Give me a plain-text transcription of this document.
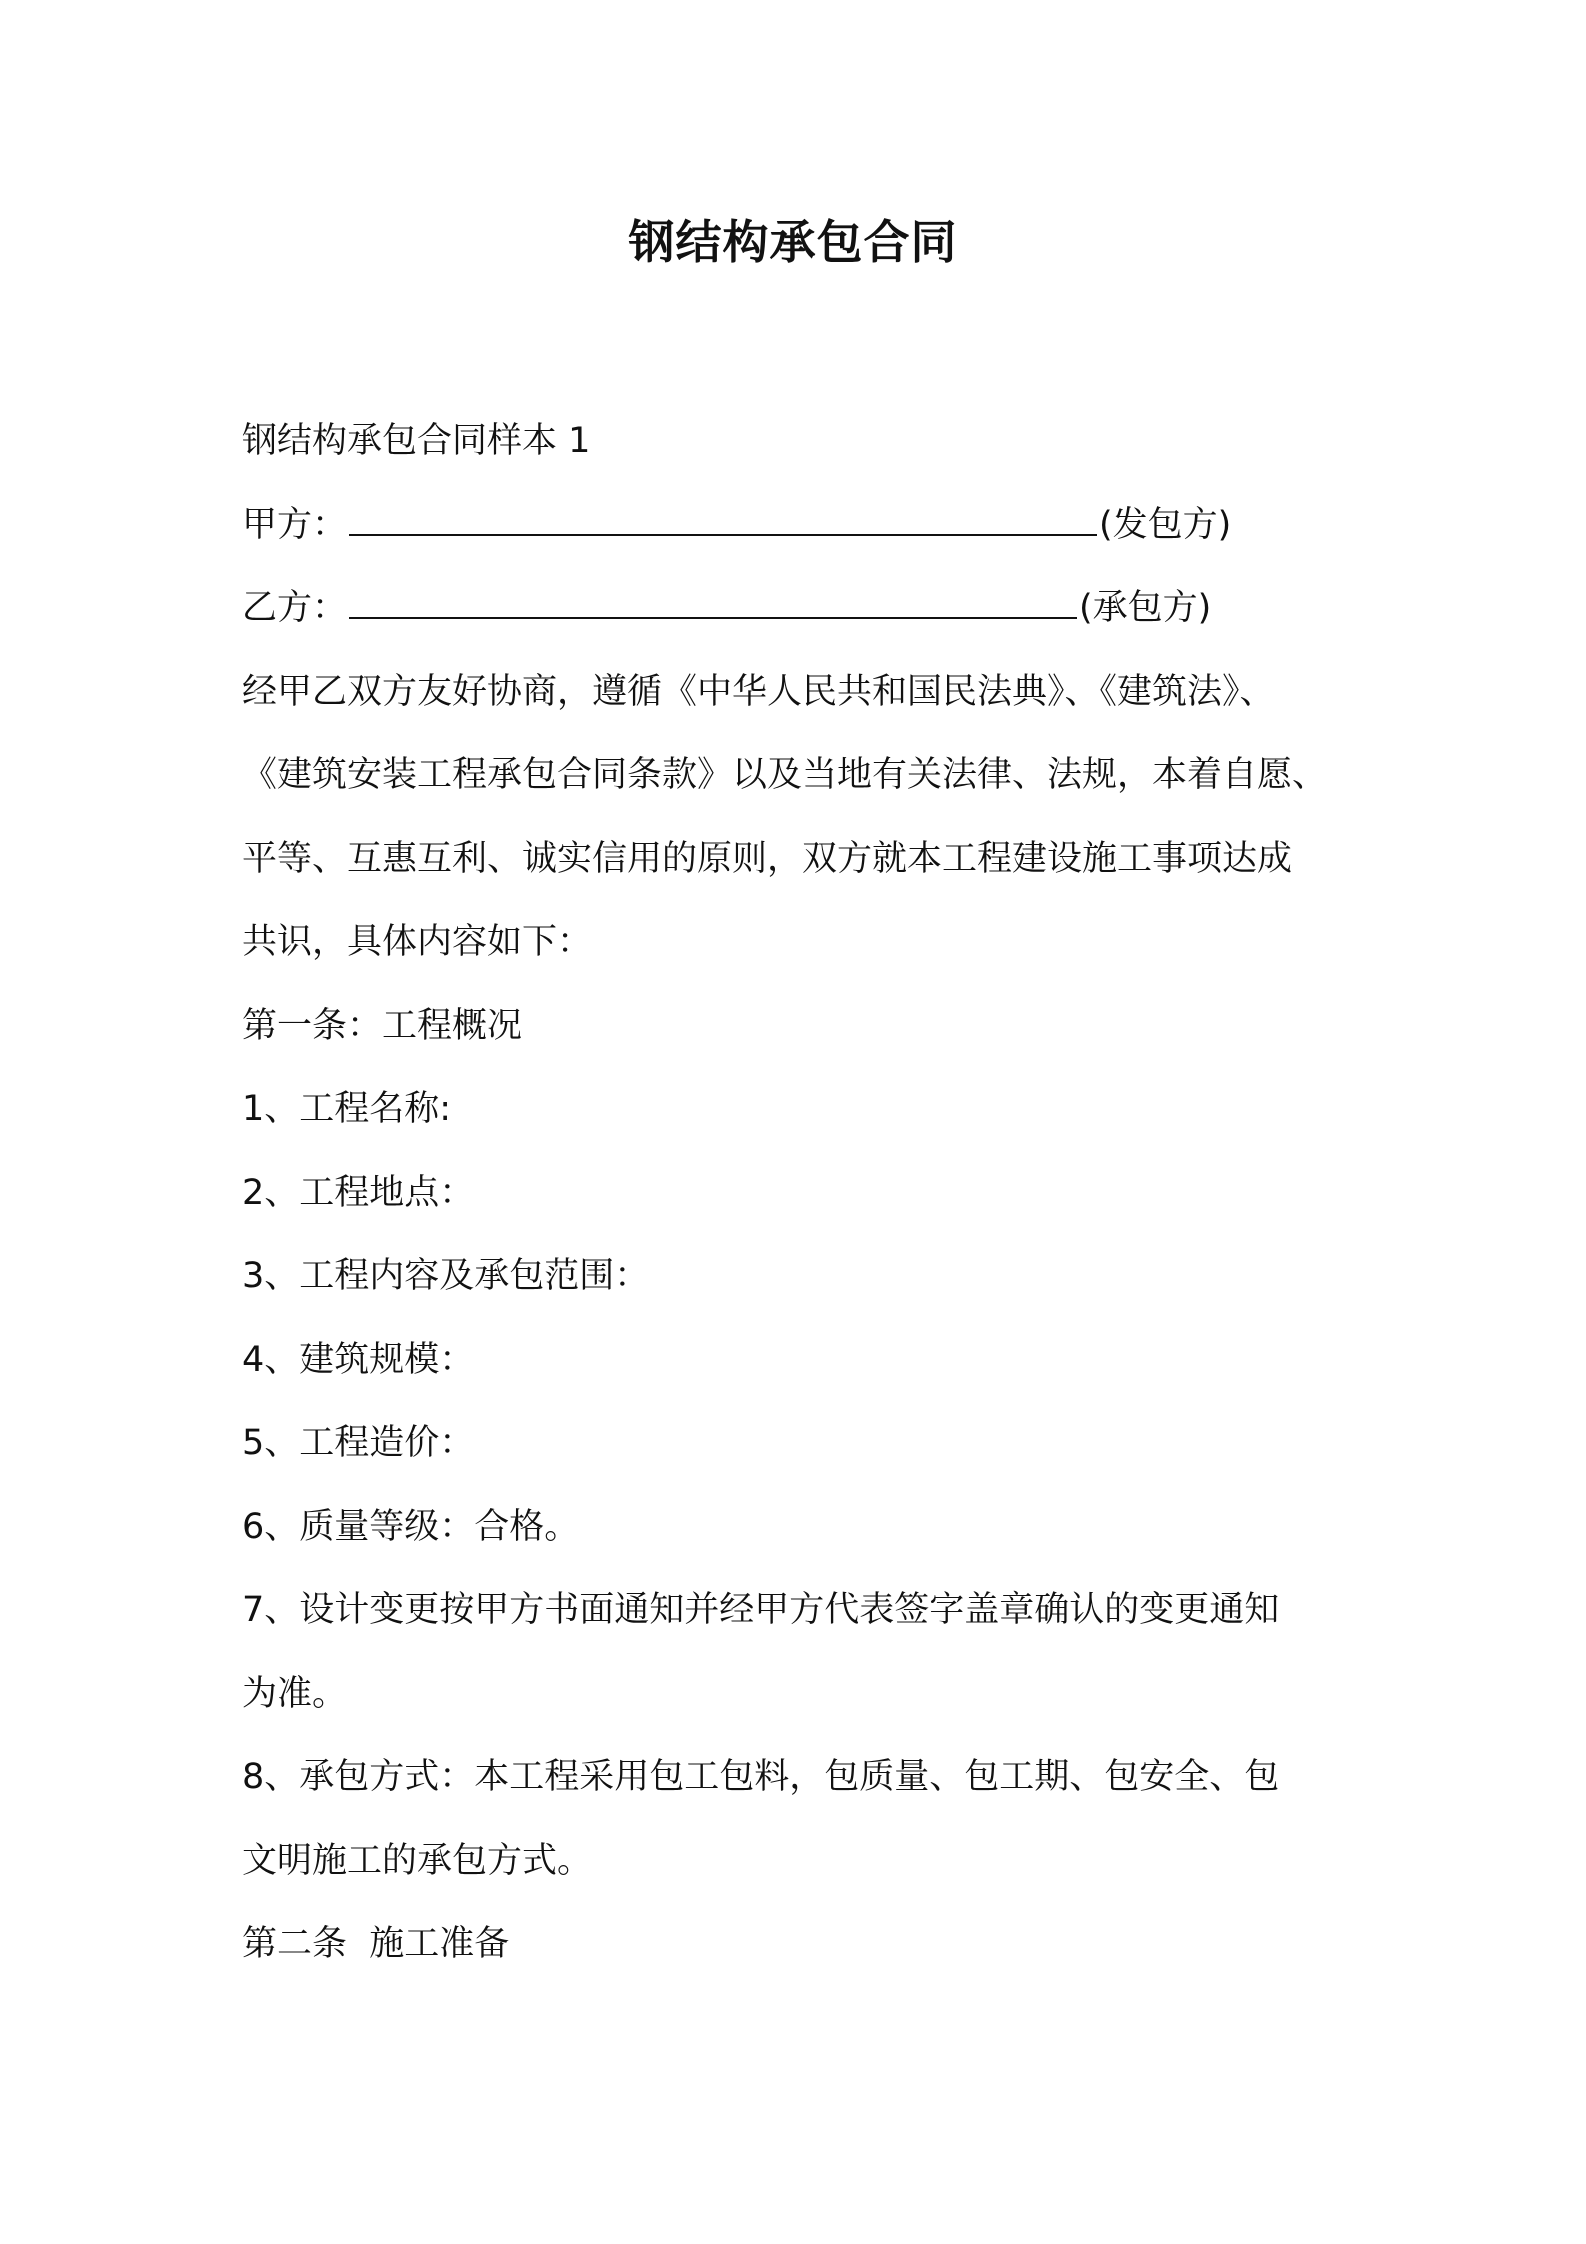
钢结构承包合同
钢结构承包合同样本 1
甲方：	(发包方)
乙方：	(承包方)
经甲乙双方友好协商，遵循《中华人民共和国民法典》、《建筑法》、
《建筑安装工程承包合同条款》以及当地有关法律、法规，本着自愿、
平等、互惠互利、诚实信用的原则，双方就本工程建设施工事项达成
共识，具体内容如下：
第一条：工程概况
1、工程名称:
2、工程地点：
3、工程内容及承包范围：
4、建筑规模：
5、工程造价：
6、质量等级：合格。
7、设计变更按甲方书面通知并经甲方代表签字盖章确认的变更通知
为准。
8、承包方式：本工程采用包工包料，包质量、包工期、包安全、包
文明施工的承包方式。
第二条  施工准备
